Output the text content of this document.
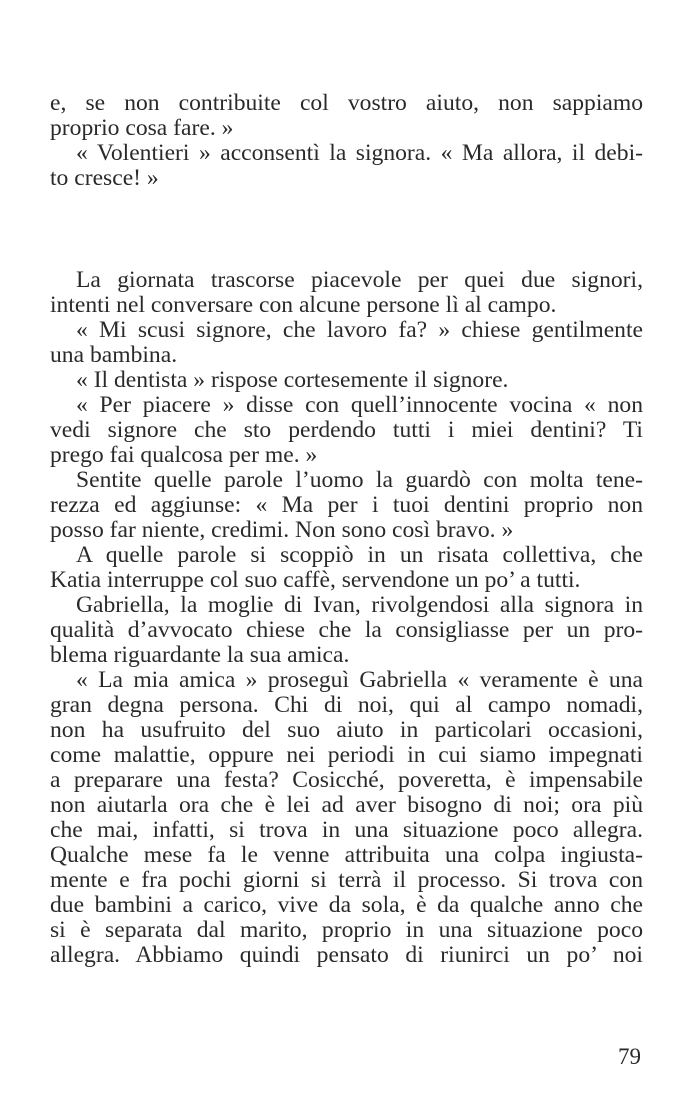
e, se non contribuite col vostro aiuto, non sappiamo
proprio cosa fare. »
« Volentieri » acconsentì la signora. « Ma allora, il debi-
to cresce! »
La giornata trascorse piacevole per quei due signori,
intenti nel conversare con alcune persone lì al campo.
« Mi scusi signore, che lavoro fa? » chiese gentilmente
una bambina.
« Il dentista » rispose cortesemente il signore.
« Per piacere » disse con quell’innocente vocina « non
vedi signore che sto perdendo tutti i miei dentini? Ti
prego fai qualcosa per me. »
Sentite quelle parole l’uomo la guardò con molta tene-
rezza ed aggiunse: « Ma per i tuoi dentini proprio non
posso far niente, credimi. Non sono così bravo. »
A quelle parole si scoppiò in un risata collettiva, che
Katia interruppe col suo caffè, servendone un po’ a tutti.
Gabriella, la moglie di Ivan, rivolgendosi alla signora in
qualità d’avvocato chiese che la consigliasse per un pro-
blema riguardante la sua amica.
« La mia amica » proseguì Gabriella « veramente è una
gran degna persona. Chi di noi, qui al campo nomadi,
non ha usufruito del suo aiuto in particolari occasioni,
come malattie, oppure nei periodi in cui siamo impegnati
a preparare una festa? Cosicché, poveretta, è impensabile
non aiutarla ora che è lei ad aver bisogno di noi; ora più
che mai, infatti, si trova in una situazione poco allegra.
Qualche mese fa le venne attribuita una colpa ingiusta-
mente e fra pochi giorni si terrà il processo. Si trova con
due bambini a carico, vive da sola, è da qualche anno che
si è separata dal marito, proprio in una situazione poco
allegra. Abbiamo quindi pensato di riunirci un po’ noi
79
